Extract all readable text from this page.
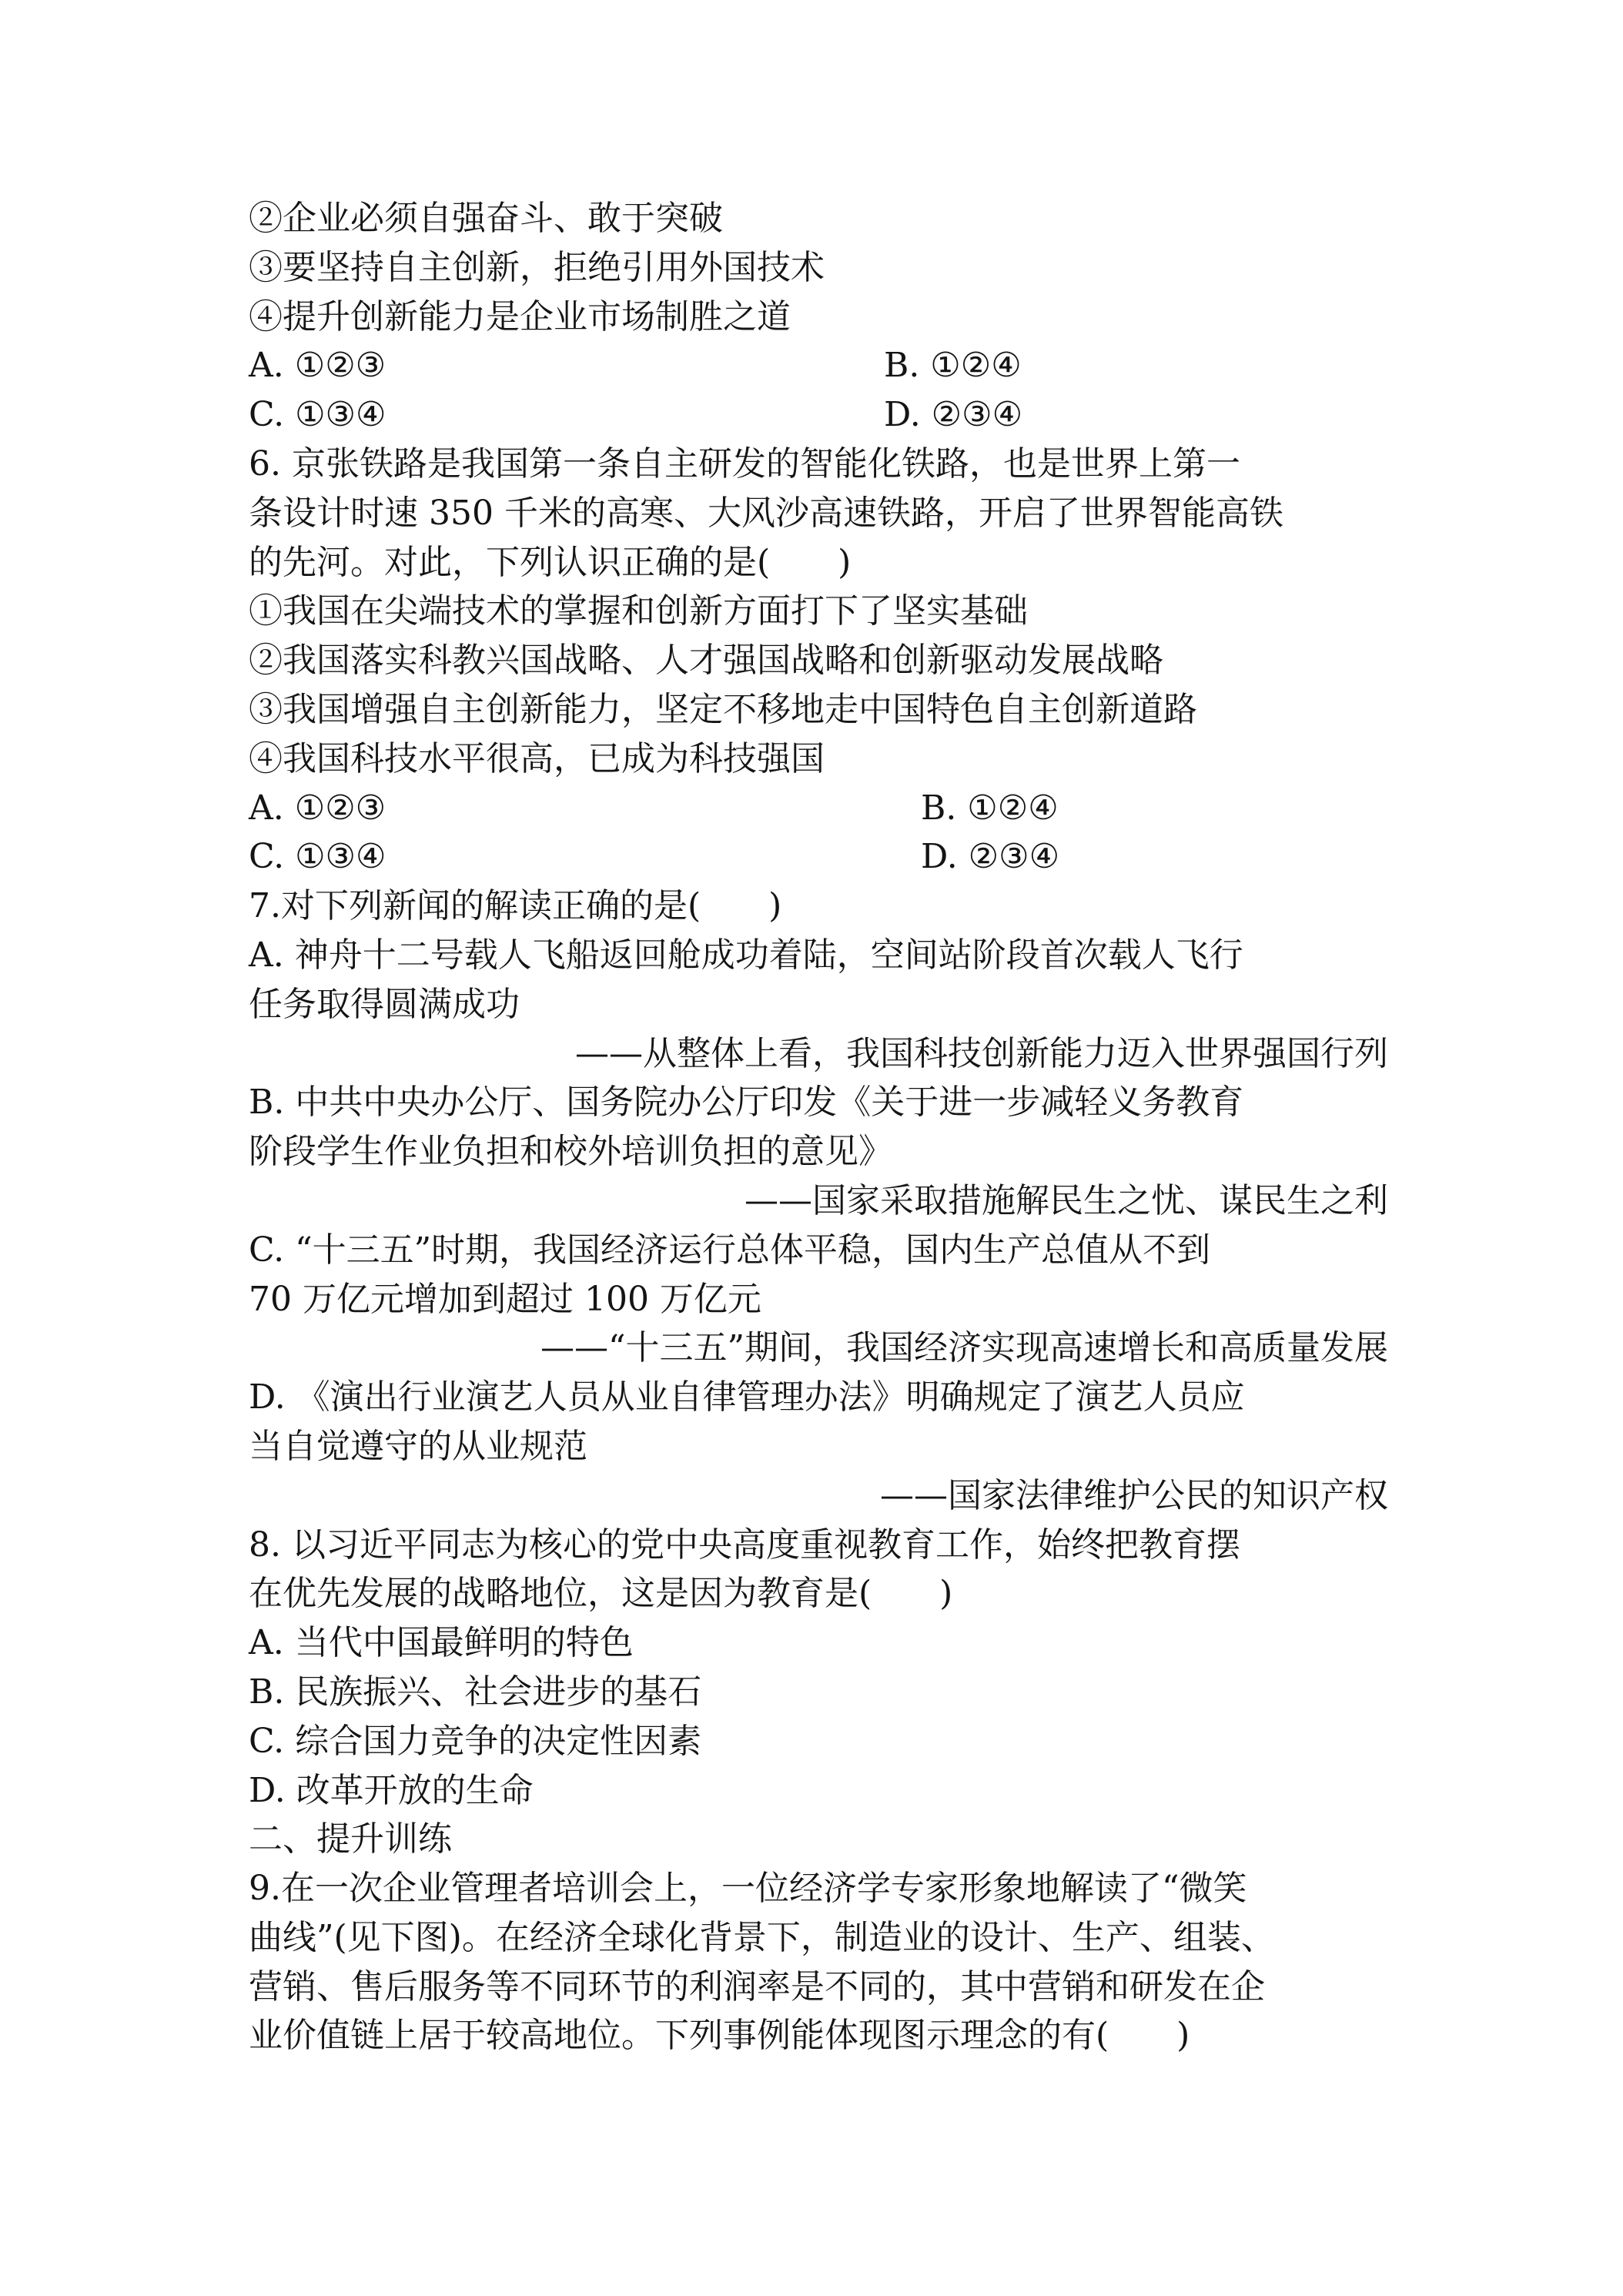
②企业必须自强奋斗、敢于突破
③要坚持自主创新，拒绝引用外国技术
④提升创新能力是企业市场制胜之道
A. ①②③	B. ①②④
C. ①③④	D. ②③④
6. 京张铁路是我国第一条自主研发的智能化铁路，也是世界上第一
条设计时速 350 千米的高寒、大风沙高速铁路，开启了世界智能高铁
的先河。对此，下列认识正确的是(　　)
①我国在尖端技术的掌握和创新方面打下了坚实基础
②我国落实科教兴国战略、人才强国战略和创新驱动发展战略
③我国增强自主创新能力，坚定不移地走中国特色自主创新道路
④我国科技水平很高，已成为科技强国
A. ①②③	B. ①②④
C. ①③④	D. ②③④
7.对下列新闻的解读正确的是(　　)
A. 神舟十二号载人飞船返回舱成功着陆，空间站阶段首次载人飞行
任务取得圆满成功
——从整体上看，我国科技创新能力迈入世界强国行列
B. 中共中央办公厅、国务院办公厅印发《关于进一步减轻义务教育
阶段学生作业负担和校外培训负担的意见》
——国家采取措施解民生之忧、谋民生之利
C. “十三五”时期，我国经济运行总体平稳，国内生产总值从不到
70 万亿元增加到超过 100 万亿元
——“十三五”期间，我国经济实现高速增长和高质量发展
D. 《演出行业演艺人员从业自律管理办法》明确规定了演艺人员应
当自觉遵守的从业规范
——国家法律维护公民的知识产权
8. 以习近平同志为核心的党中央高度重视教育工作，始终把教育摆
在优先发展的战略地位，这是因为教育是(　　)
A. 当代中国最鲜明的特色
B. 民族振兴、社会进步的基石
C. 综合国力竞争的决定性因素
D. 改革开放的生命
二、提升训练
9.在一次企业管理者培训会上，一位经济学专家形象地解读了“微笑
曲线”(见下图)。在经济全球化背景下，制造业的设计、生产、组装、
营销、售后服务等不同环节的利润率是不同的，其中营销和研发在企
业价值链上居于较高地位。下列事例能体现图示理念的有(　　)
